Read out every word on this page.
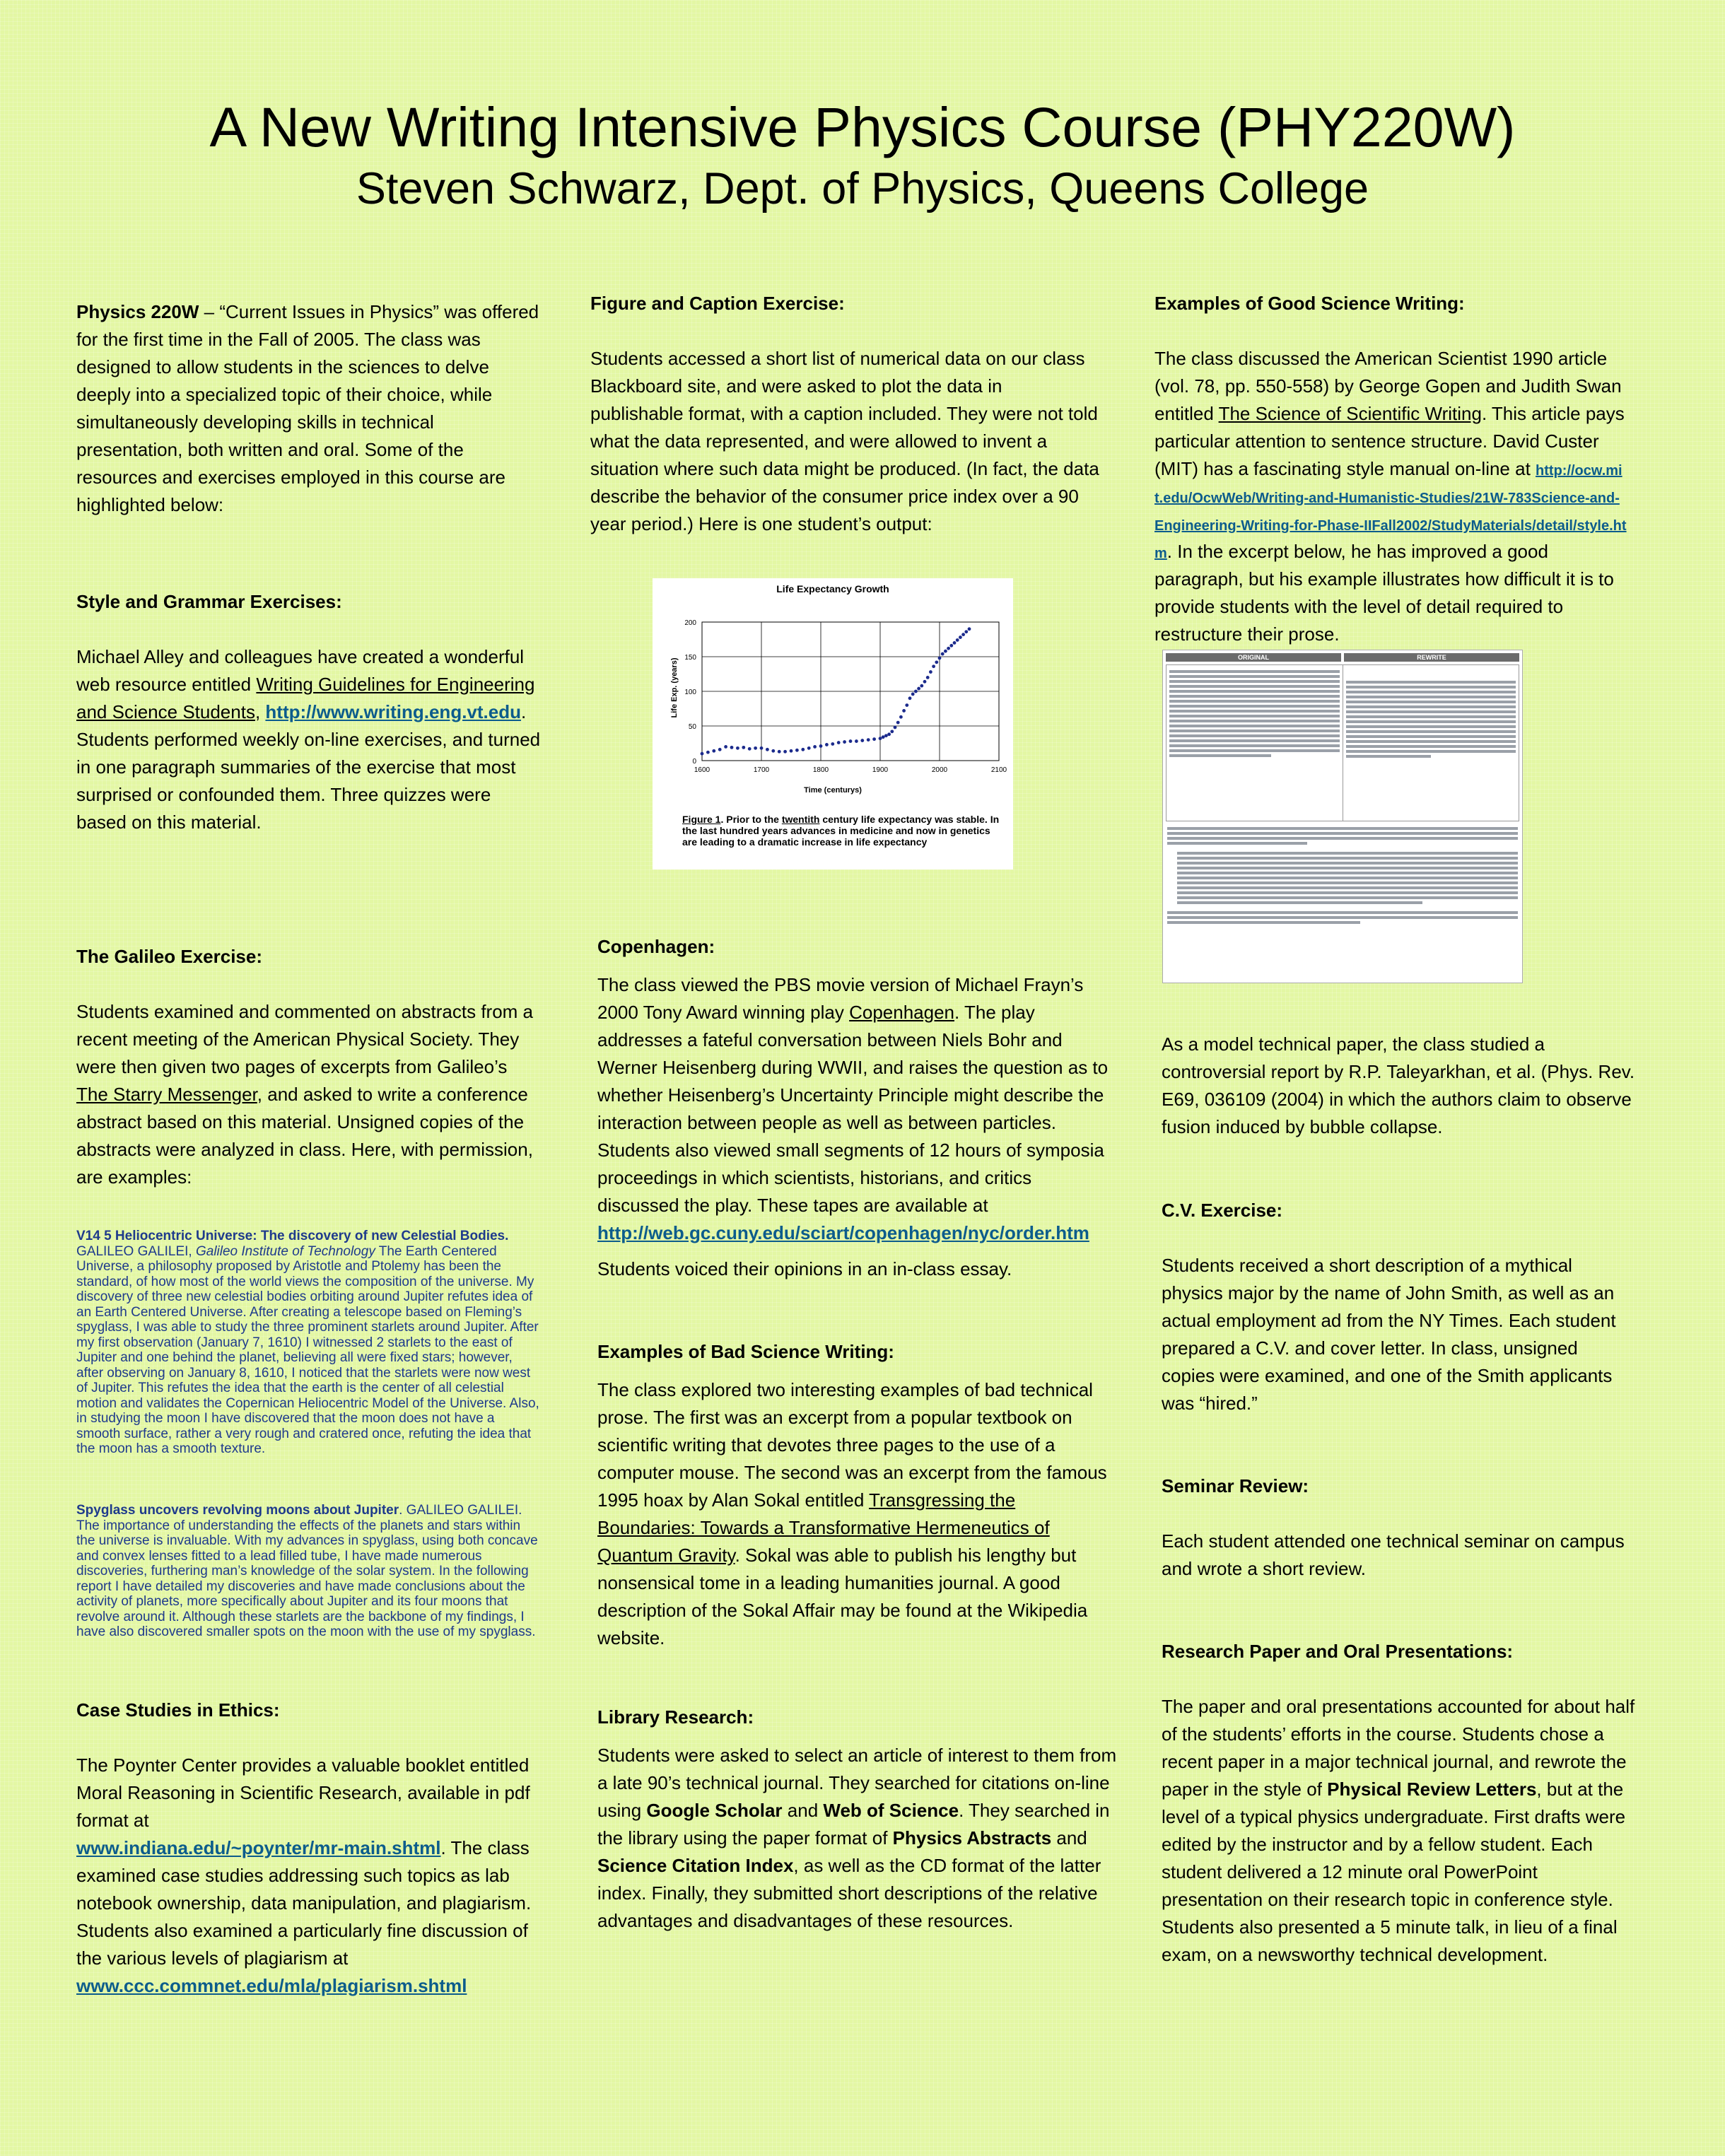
A New Writing Intensive Physics Course (PHY220W)
Steven Schwarz, Dept. of Physics, Queens College

Physics 220W – “Current Issues in Physics” was offered for the first time in the Fall of 2005. The class was designed to allow students in the sciences to delve deeply into a specialized topic of their choice, while simultaneously developing skills in technical presentation, both written and oral. Some of the resources and exercises employed in this course are highlighted below:

Style and Grammar Exercises:

Michael Alley and colleagues have created a wonderful web resource entitled Writing Guidelines for Engineering and Science Students, http://www.writing.eng.vt.edu. Students performed weekly on-line exercises, and turned in one paragraph summaries of the exercise that most surprised or confounded them. Three quizzes were based on this material.

The Galileo Exercise:

Students examined and commented on abstracts from a recent meeting of the American Physical Society. They were then given two pages of excerpts from Galileo’s The Starry Messenger, and asked to write a conference abstract based on this material. Unsigned copies of the abstracts were analyzed in class. Here, with permission, are examples:

V14 5 Heliocentric Universe: The discovery of new Celestial Bodies.
GALILEO GALILEI, Galileo Institute of Technology The Earth Centered Universe, a philosophy proposed by Aristotle and Ptolemy has been the standard, of how most of the world views the composition of the universe. My discovery of three new celestial bodies orbiting around Jupiter refutes idea of an Earth Centered Universe. After creating a telescope based on Fleming’s spyglass, I was able to study the three prominent starlets around Jupiter. After my first observation (January 7, 1610) I witnessed 2 starlets to the east of Jupiter and one behind the planet, believing all were fixed stars; however, after observing on January 8, 1610, I noticed that the starlets were now west of Jupiter. This refutes the idea that the earth is the center of all celestial motion and validates the Copernican Heliocentric Model of the Universe. Also, in studying the moon I have discovered that the moon does not have a smooth surface, rather a very rough and cratered once, refuting the idea that the moon has a smooth texture.

Spyglass uncovers revolving moons about Jupiter. GALILEO GALILEI.
The importance of understanding the effects of the planets and stars within the universe is invaluable. With my advances in spyglass, using both concave and convex lenses fitted to a lead filled tube, I have made numerous discoveries, furthering man’s knowledge of the solar system. In the following report I have detailed my discoveries and have made conclusions about the activity of planets, more specifically about Jupiter and its four moons that revolve around it. Although these starlets are the backbone of my findings, I have also discovered smaller spots on the moon with the use of my spyglass.

Case Studies in Ethics:

The Poynter Center provides a valuable booklet entitled Moral Reasoning in Scientific Research, available in pdf format at
www.indiana.edu/~poynter/mr-main.shtml. The class examined case studies addressing such topics as lab notebook ownership, data manipulation, and plagiarism. Students also examined a particularly fine discussion of the various levels of plagiarism at
www.ccc.commnet.edu/mla/plagiarism.shtml

Figure and Caption Exercise:

Students accessed a short list of numerical data on our class Blackboard site, and were asked to plot the data in publishable format, with a caption included. They were not told what the data represented, and were allowed to invent a situation where such data might be produced. (In fact, the data describe the behavior of the consumer price index over a 90 year period.) Here is one student’s output:

Life Expectancy Growth
1600	1700	1800	1900	2000	2100
0
50
100
150
200
Time (centurys)
Life Exp. (years)

Figure 1. Prior to the twentith century life expectancy was stable. In the last hundred years advances in medicine and now in genetics are leading to a dramatic increase in life expectancy

Copenhagen:

The class viewed the PBS movie version of Michael Frayn’s 2000 Tony Award winning play Copenhagen. The play addresses a fateful conversation between Niels Bohr and Werner Heisenberg during WWII, and raises the question as to whether Heisenberg’s Uncertainty Principle might describe the interaction between people as well as between particles. Students also viewed small segments of 12 hours of symposia proceedings in which scientists, historians, and critics discussed the play. These tapes are available at
http://web.gc.cuny.edu/sciart/copenhagen/nyc/order.htm

Students voiced their opinions in an in-class essay.

Examples of Bad Science Writing:

The class explored two interesting examples of bad technical prose. The first was an excerpt from a popular textbook on scientific writing that devotes three pages to the use of a computer mouse. The second was an excerpt from the famous 1995 hoax by Alan Sokal entitled Transgressing the Boundaries: Towards a Transformative Hermeneutics of Quantum Gravity. Sokal was able to publish his lengthy but nonsensical tome in a leading humanities journal. A good description of the Sokal Affair may be found at the Wikipedia website.

Library Research:

Students were asked to select an article of interest to them from a late 90’s technical journal. They searched for citations on-line using Google Scholar and Web of Science. They searched in the library using the paper format of Physics Abstracts and Science Citation Index, as well as the CD format of the latter index. Finally, they submitted short descriptions of the relative advantages and disadvantages of these resources.

Examples of Good Science Writing:

The class discussed the American Scientist 1990 article (vol. 78, pp. 550-558) by George Gopen and Judith Swan entitled The Science of Scientific Writing. This article pays particular attention to sentence structure. David Custer (MIT) has a fascinating style manual on-line at http://ocw.mit.edu/OcwWeb/Writing-and-Humanistic-Studies/21W-783Science-and-Engineering-Writing-for-Phase-IIFall2002/StudyMaterials/detail/style.htm. In the excerpt below, he has improved a good paragraph, but his example illustrates how difficult it is to provide students with the level of detail required to restructure their prose.

ORIGINAL	REWRITE

As a model technical paper, the class studied a controversial report by R.P. Taleyarkhan, et al. (Phys. Rev. E69, 036109 (2004) in which the authors claim to observe fusion induced by bubble collapse.

C.V. Exercise:

Students received a short description of a mythical physics major by the name of John Smith, as well as an actual employment ad from the NY Times. Each student prepared a C.V. and cover letter. In class, unsigned copies were examined, and one of the Smith applicants was “hired.”

Seminar Review:

Each student attended one technical seminar on campus and wrote a short review.

Research Paper and Oral Presentations:

The paper and oral presentations accounted for about half of the students’ efforts in the course. Students chose a recent paper in a major technical journal, and rewrote the paper in the style of Physical Review Letters, but at the level of a typical physics undergraduate. First drafts were edited by the instructor and by a fellow student. Each student delivered a 12 minute oral PowerPoint presentation on their research topic in conference style. Students also presented a 5 minute talk, in lieu of a final exam, on a newsworthy technical development.
